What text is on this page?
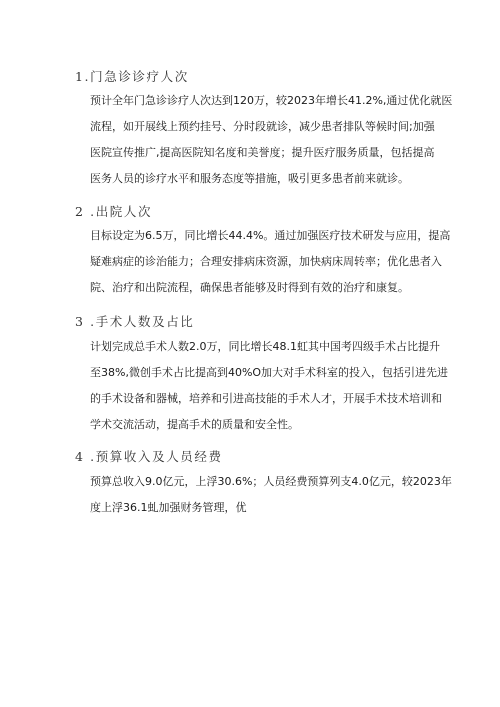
1.门急诊诊疗人次
预计全年门急诊诊疗人次达到120万，较2023年增长41.2%,通过优化就医
流程，如开展线上预约挂号、分时段就诊，减少患者排队等候时间;加强
医院宣传推广,提高医院知名度和美誉度；提升医疗服务质量，包括提高
医务人员的诊疗水平和服务态度等措施，吸引更多患者前来就诊。
2 .出院人次
目标设定为6.5万，同比增长44.4%。通过加强医疗技术研发与应用，提高
疑难病症的诊治能力；合理安排病床资源，加快病床周转率；优化患者入
院、治疗和出院流程，确保患者能够及时得到有效的治疗和康复。
3 .手术人数及占比
计划完成总手术人数2.0万，同比增长48.1虹其中国考四级手术占比提升
至38%,微创手术占比提高到40%O加大对手术科室的投入，包括引进先进
的手术设备和器械，培养和引进高技能的手术人才，开展手术技术培训和
学术交流活动，提高手术的质量和安全性。
4 .预算收入及人员经费
预算总收入9.0亿元，上浮30.6%；人员经费预算列支4.0亿元，较2023年
度上浮36.1虬加强财务管理，优
